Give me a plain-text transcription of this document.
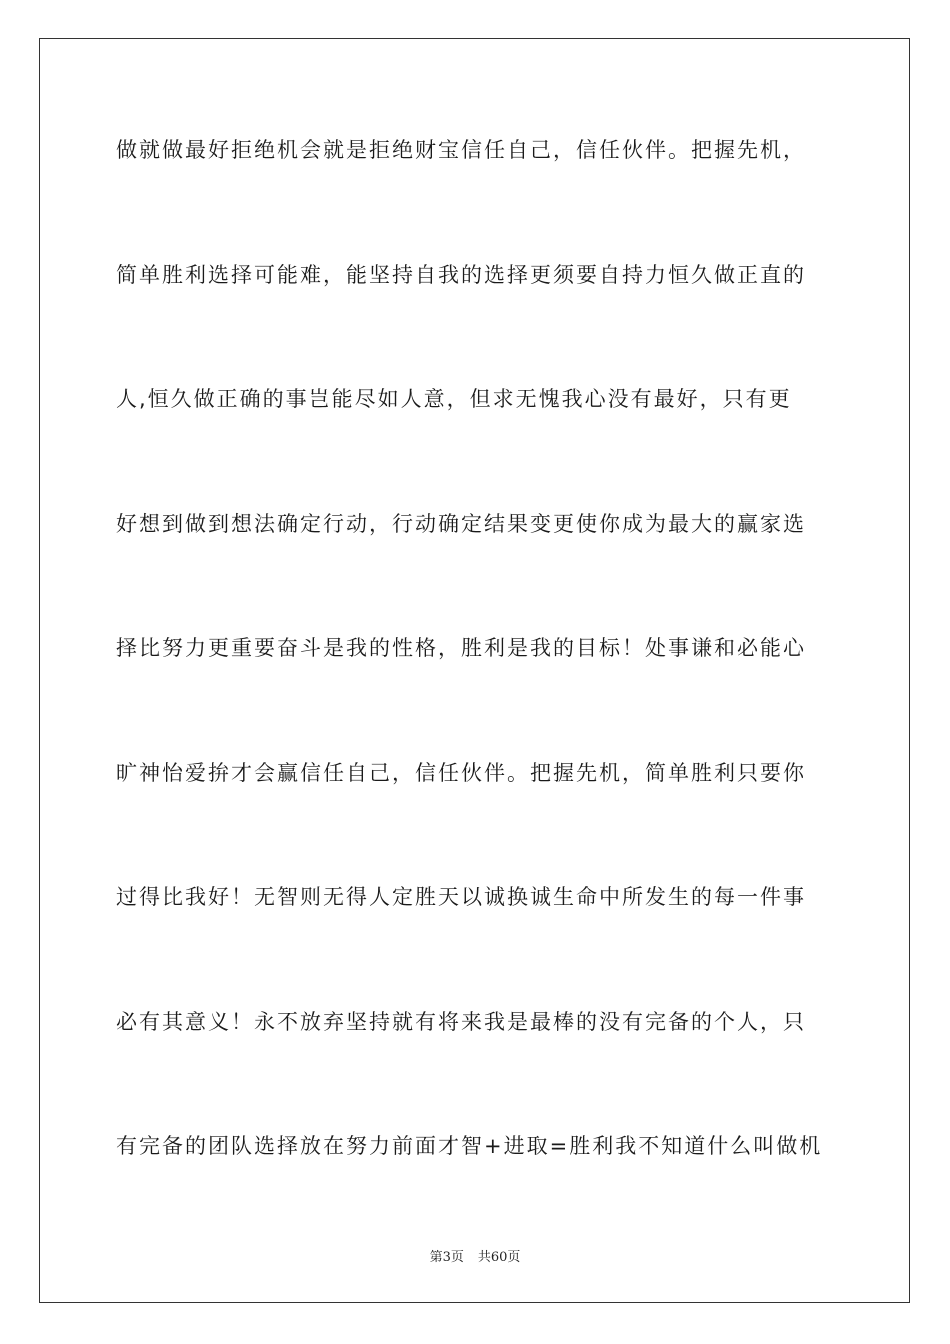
做就做最好拒绝机会就是拒绝财宝信任自己，信任伙伴。把握先机，
简单胜利选择可能难，能坚持自我的选择更须要自持力恒久做正直的
人,恒久做正确的事岂能尽如人意，但求无愧我心没有最好，只有更
好想到做到想法确定行动，行动确定结果变更使你成为最大的赢家选
择比努力更重要奋斗是我的性格，胜利是我的目标！处事谦和必能心
旷神怡爱拚才会赢信任自己，信任伙伴。把握先机，简单胜利只要你
过得比我好！无智则无得人定胜天以诚换诚生命中所发生的每一件事
必有其意义！永不放弃坚持就有将来我是最棒的没有完备的个人，只
有完备的团队选择放在努力前面才智+进取=胜利我不知道什么叫做机
第3页 共60页
